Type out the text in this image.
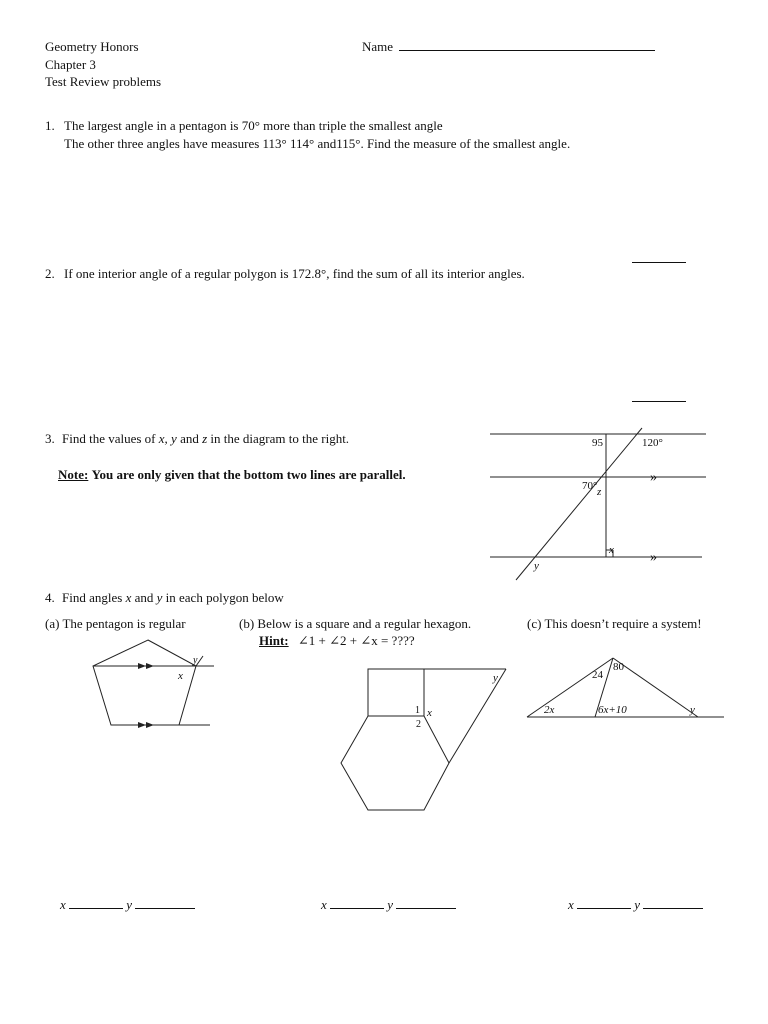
Geometry Honors
Chapter 3
Test Review problems
Name
1. The largest angle in a pentagon is 70° more than triple the smallest angle
The other three angles have measures 113° 114° and115°. Find the measure of the smallest angle.
2. If one interior angle of a regular polygon is 172.8°, find the sum of all its interior angles.
3. Find the values of x, y and z in the diagram to the right.
Note: You are only given that the bottom two lines are parallel.
95	120°
70° z
x
y
»
»
4. Find angles x and y in each polygon below
(a) The pentagon is regular	(b) Below is a square and a regular hexagon.
Hint: ∠1 + ∠2 + ∠x = ????
(c) This doesn’t require a system!
y
x
1
2
x
y
80
24
2x	6x+10	y
x	y	x	y	x	y
